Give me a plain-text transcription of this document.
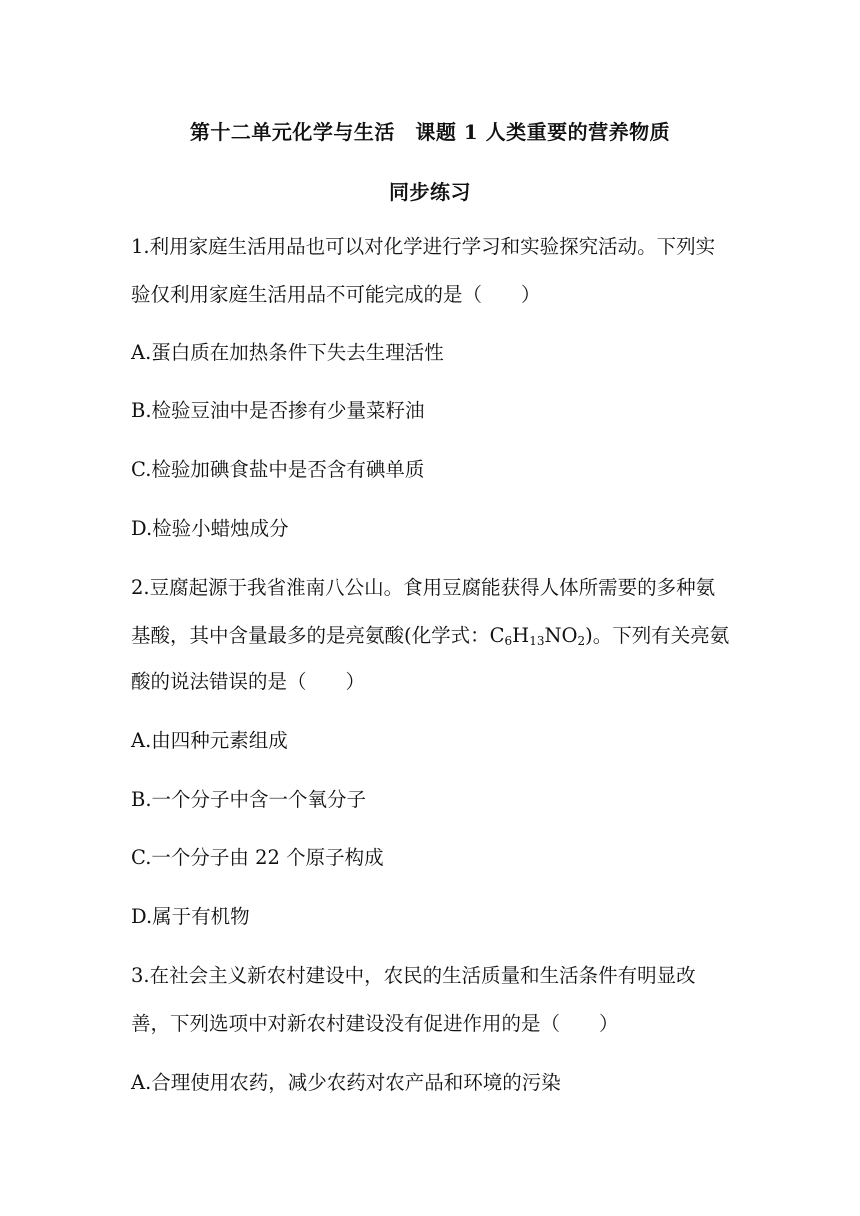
第十二单元化学与生活　课题 1 人类重要的营养物质
同步练习
1.利用家庭生活用品也可以对化学进行学习和实验探究活动。下列实
验仅利用家庭生活用品不可能完成的是（　　）
A.蛋白质在加热条件下失去生理活性
B.检验豆油中是否掺有少量菜籽油
C.检验加碘食盐中是否含有碘单质
D.检验小蜡烛成分
2.豆腐起源于我省淮南八公山。食用豆腐能获得人体所需要的多种氨
基酸，其中含量最多的是亮氨酸(化学式：$C_6H_{13}NO_2$)。下列有关亮氨
酸的说法错误的是（　　）
A.由四种元素组成
B.一个分子中含一个氧分子
C.一个分子由 22 个原子构成
D.属于有机物
3.在社会主义新农村建设中，农民的生活质量和生活条件有明显改
善，下列选项中对新农村建设没有促进作用的是（　　）
A.合理使用农药，减少农药对农产品和环境的污染
